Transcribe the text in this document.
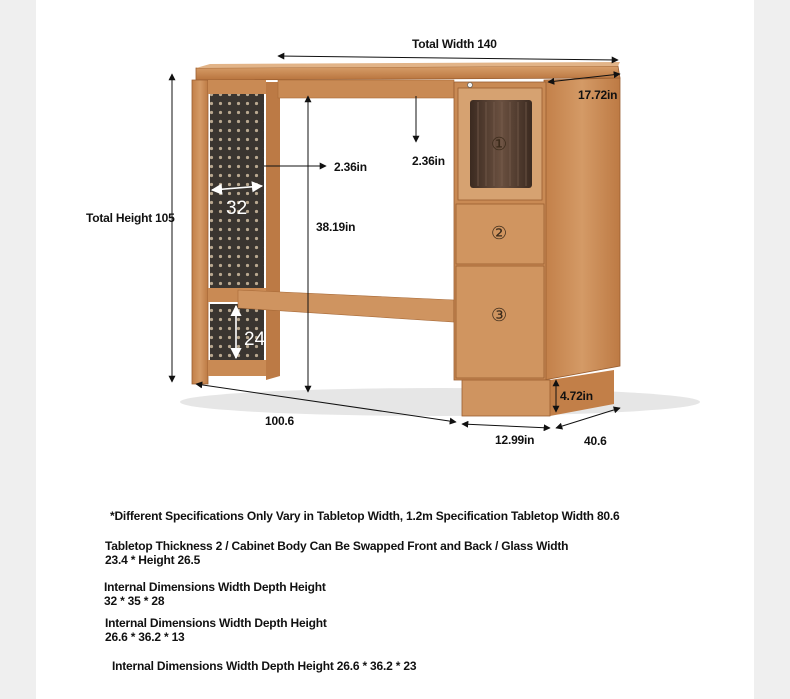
Total Width 140
17.72in
2.36in	2.36in
Total Height 105
38.19in
32
24
100.6
4.72in
12.99in	40.6
①
②
③
*Different Specifications Only Vary in Tabletop Width, 1.2m Specification Tabletop Width 80.6
Tabletop Thickness 2 / Cabinet Body Can Be Swapped Front and Back / Glass Width
23.4 * Height 26.5
Internal Dimensions Width Depth Height
32 * 35 * 28
Internal Dimensions Width Depth Height
26.6 * 36.2 * 13
Internal Dimensions Width Depth Height 26.6 * 36.2 * 23
